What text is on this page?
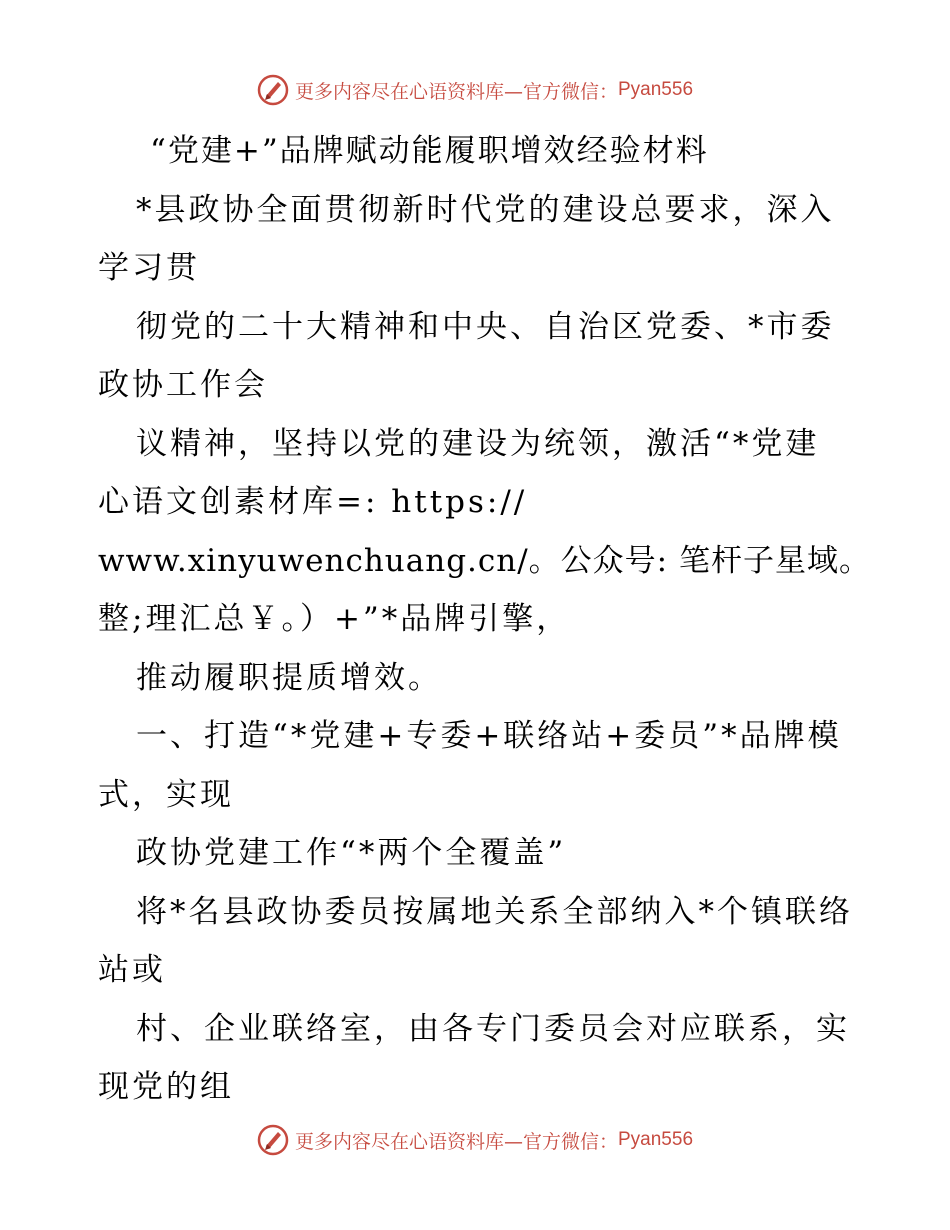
更多内容尽在心语资料库—官方微信： Pyan556
“党建+”品牌赋动能履职增效经验材料
*县政协全面贯彻新时代党的建设总要求，深入
学习贯
彻党的二十大精神和中央、自治区党委、*市委
政协工作会
议精神，坚持以党的建设为统领，激活“*党建
心语文创素材库=: https://
www.xinyuwenchuang.cn/。公众号: 笔杆子星域。
整;理汇总￥。）+”*品牌引擎，
推动履职提质增效。
一、打造“*党建+专委+联络站+委员”*品牌模
式，实现
政协党建工作“*两个全覆盖”
将*名县政协委员按属地关系全部纳入*个镇联络
站或
村、企业联络室，由各专门委员会对应联系，实
现党的组
更多内容尽在心语资料库—官方微信： Pyan556
